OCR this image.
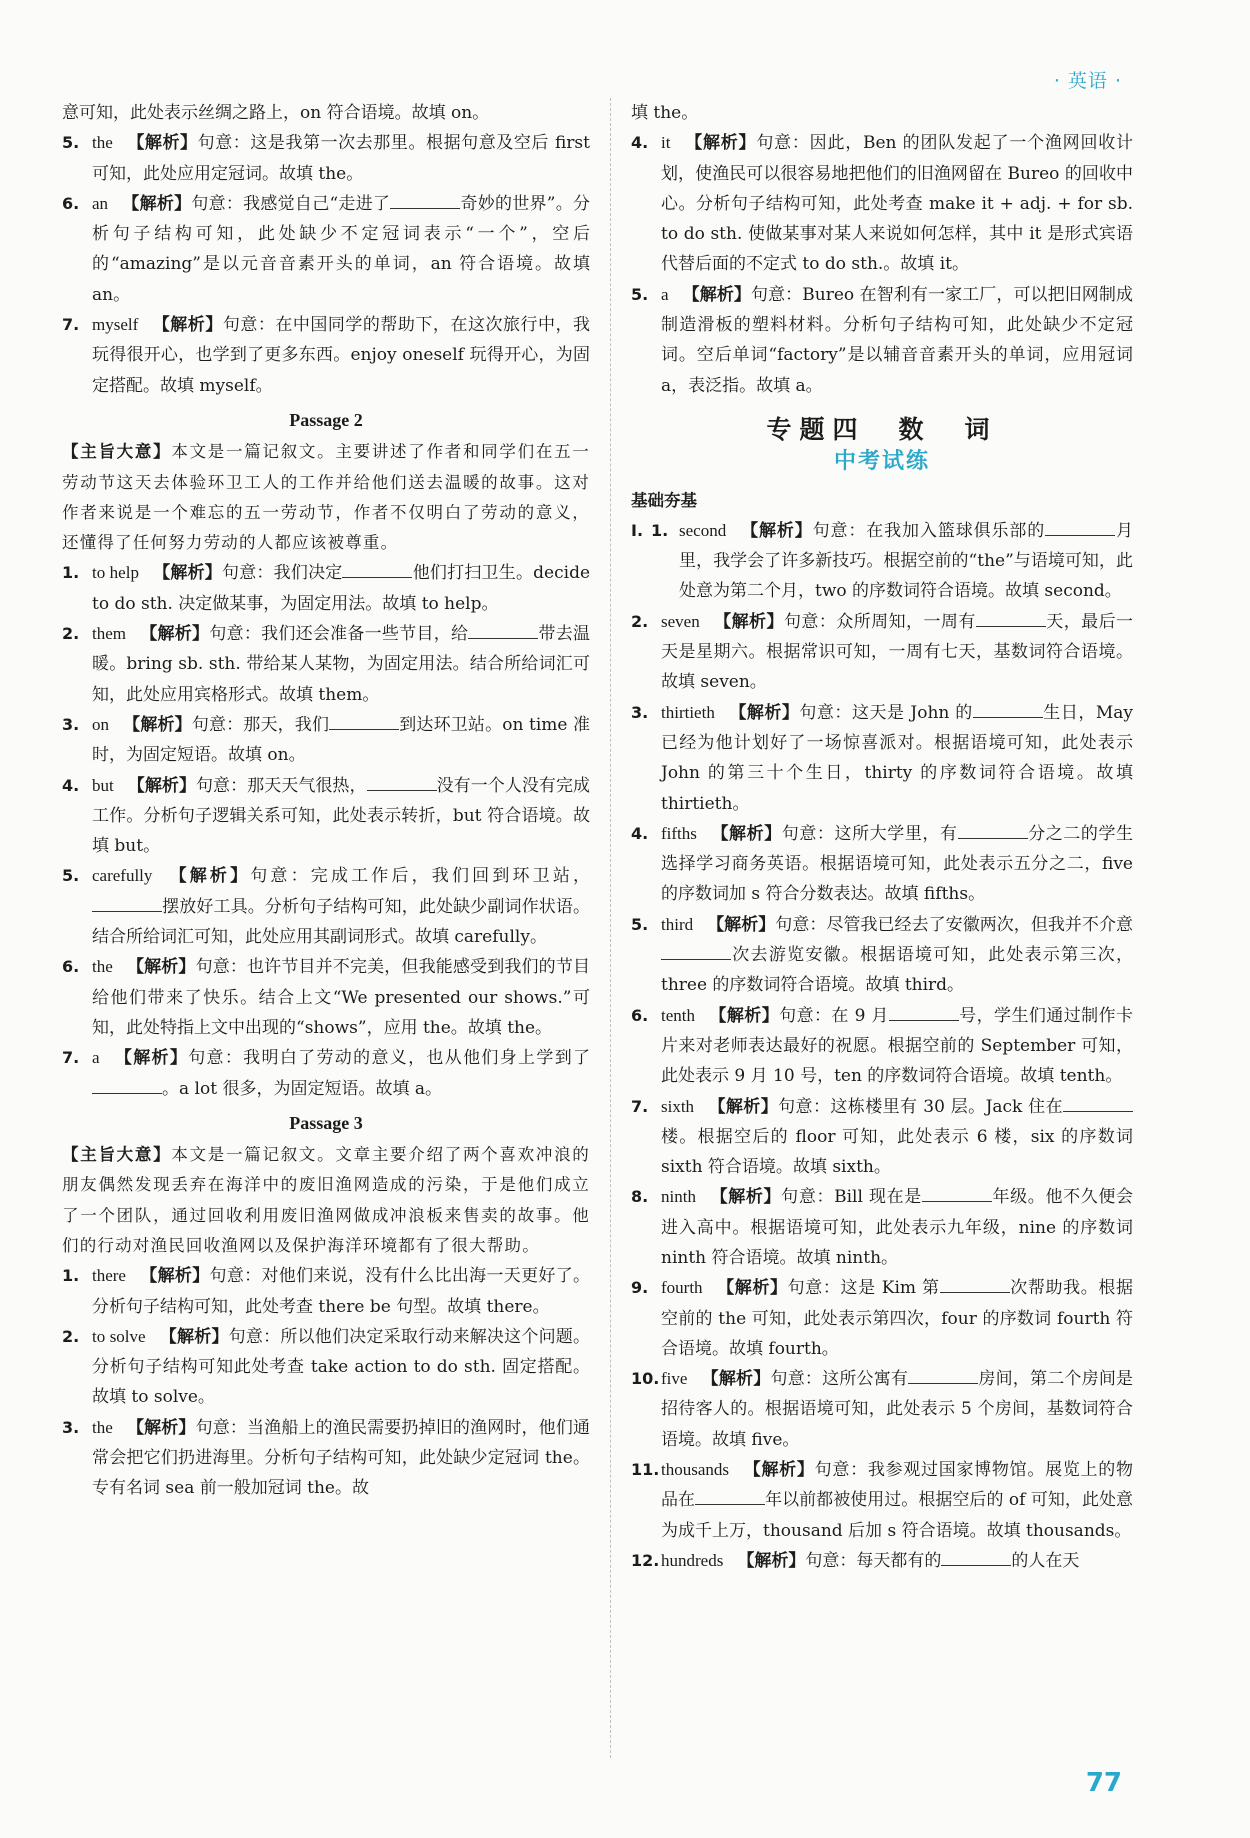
· 英语 ·

意可知，此处表示丝绸之路上，on 符合语境。故填 on。

5. the 【解析】句意：这是我第一次去那里。根据句意及空后 first 可知，此处应用定冠词。故填 the。

6. an 【解析】句意：我感觉自己“走进了	奇妙的世界”。分析句子结构可知，此处缺少不定冠词表示“一个”，空后的“amazing”是以元音音素开头的单词，an 符合语境。故填 an。

7. myself 【解析】句意：在中国同学的帮助下，在这次旅行中，我玩得很开心，也学到了更多东西。enjoy oneself 玩得开心，为固定搭配。故填 myself。

Passage 2

【主旨大意】本文是一篇记叙文。主要讲述了作者和同学们在五一劳动节这天去体验环卫工人的工作并给他们送去温暖的故事。这对作者来说是一个难忘的五一劳动节，作者不仅明白了劳动的意义，还懂得了任何努力劳动的人都应该被尊重。

1. to help 【解析】句意：我们决定	他们打扫卫生。decide to do sth. 决定做某事，为固定用法。故填 to help。

2. them 【解析】句意：我们还会准备一些节目，给	带去温暖。bring sb. sth. 带给某人某物，为固定用法。结合所给词汇可知，此处应用宾格形式。故填 them。

3. on 【解析】句意：那天，我们	到达环卫站。on time 准时，为固定短语。故填 on。

4. but 【解析】句意：那天天气很热，	没有一个人没有完成工作。分析句子逻辑关系可知，此处表示转折，but 符合语境。故填 but。

5. carefully 【解析】句意：完成工作后，我们回到环卫站，摆放好工具。分析句子结构可知，此处缺少副词作状语。结合所给词汇可知，此处应用其副词形式。故填 carefully。

6. the 【解析】句意：也许节目并不完美，但我能感受到我们的节目给他们带来了快乐。结合上文“We presented our shows.”可知，此处特指上文中出现的“shows”，应用 the。故填 the。

7. a 【解析】句意：我明白了劳动的意义，也从他们身上学到了。a lot 很多，为固定短语。故填 a。

Passage 3

【主旨大意】本文是一篇记叙文。文章主要介绍了两个喜欢冲浪的朋友偶然发现丢弃在海洋中的废旧渔网造成的污染，于是他们成立了一个团队，通过回收利用废旧渔网做成冲浪板来售卖的故事。他们的行动对渔民回收渔网以及保护海洋环境都有了很大帮助。

1. there 【解析】句意：对他们来说，没有什么比出海一天更好了。分析句子结构可知，此处考查 there be 句型。故填 there。

2. to solve 【解析】句意：所以他们决定采取行动来解决这个问题。分析句子结构可知此处考查 take action to do sth. 固定搭配。故填 to solve。

3. the 【解析】句意：当渔船上的渔民需要扔掉旧的渔网时，他们通常会把它们扔进海里。分析句子结构可知，此处缺少定冠词 the。专有名词 sea 前一般加冠词 the。故

填 the。

4. it 【解析】句意：因此，Ben 的团队发起了一个渔网回收计划，使渔民可以很容易地把他们的旧渔网留在 Bureo 的回收中心。分析句子结构可知，此处考查 make it + adj. + for sb. to do sth. 使做某事对某人来说如何怎样，其中 it 是形式宾语代替后面的不定式 to do sth.。故填 it。

5. a 【解析】句意：Bureo 在智利有一家工厂，可以把旧网制成制造滑板的塑料材料。分析句子结构可知，此处缺少不定冠词。空后单词“factory”是以辅音音素开头的单词，应用冠词 a，表泛指。故填 a。

专题四　数　词
中考试练
基础夯基

Ⅰ. 1. second 【解析】句意：在我加入篮球俱乐部的	月里，我学会了许多新技巧。根据空前的“the”与语境可知，此处意为第二个月，two 的序数词符合语境。故填 second。

2. seven 【解析】句意：众所周知，一周有	天，最后一天是星期六。根据常识可知，一周有七天，基数词符合语境。故填 seven。

3. thirtieth 【解析】句意：这天是 John 的	生日，May 已经为他计划好了一场惊喜派对。根据语境可知，此处表示 John 的第三十个生日，thirty 的序数词符合语境。故填 thirtieth。

4. fifths 【解析】句意：这所大学里，有	分之二的学生选择学习商务英语。根据语境可知，此处表示五分之二，five 的序数词加 s 符合分数表达。故填 fifths。

5. third 【解析】句意：尽管我已经去了安徽两次，但我并不介意次去游览安徽。根据语境可知，此处表示第三次，three 的序数词符合语境。故填 third。

6. tenth 【解析】句意：在 9 月	号，学生们通过制作卡片来对老师表达最好的祝愿。根据空前的 September 可知，此处表示 9 月 10 号，ten 的序数词符合语境。故填 tenth。

7. sixth 【解析】句意：这栋楼里有 30 层。Jack 住在楼。根据空后的 floor 可知，此处表示 6 楼，six 的序数词 sixth 符合语境。故填 sixth。

8. ninth 【解析】句意：Bill 现在是	年级。他不久便会进入高中。根据语境可知，此处表示九年级，nine 的序数词 ninth 符合语境。故填 ninth。

9. fourth 【解析】句意：这是 Kim 第	次帮助我。根据空前的 the 可知，此处表示第四次，four 的序数词 fourth 符合语境。故填 fourth。

10. five 【解析】句意：这所公寓有	房间，第二个房间是招待客人的。根据语境可知，此处表示 5 个房间，基数词符合语境。故填 five。

11. thousands 【解析】句意：我参观过国家博物馆。展览上的物品在	年以前都被使用过。根据空后的 of 可知，此处意为成千上万，thousand 后加 s 符合语境。故填 thousands。

12. hundreds 【解析】句意：每天都有的	的人在天

77
